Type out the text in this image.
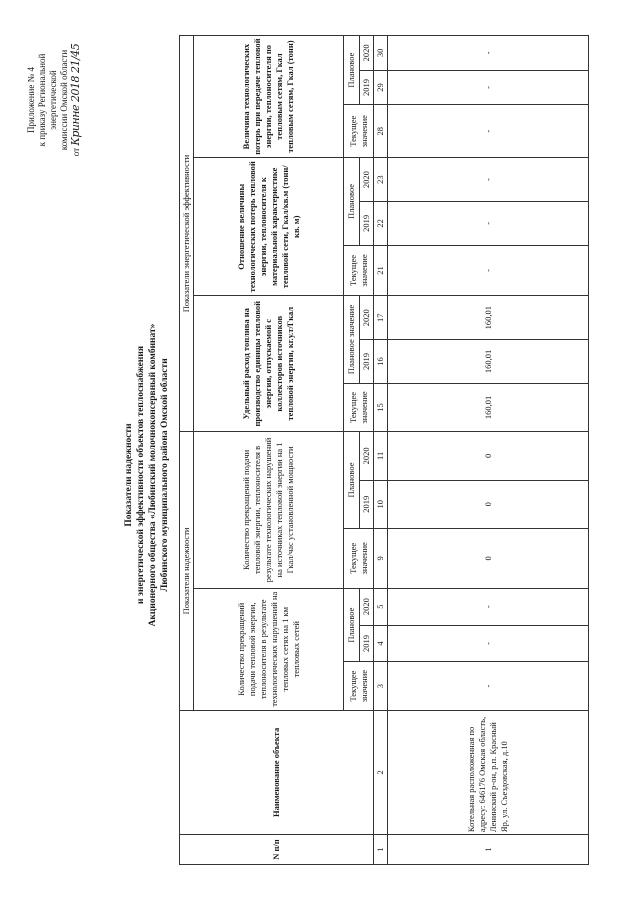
Приложение № 4 к приказу Региональной энергетической комиссии Омской области
от Кринне 2018 21/45
Показатели надежности и энергетической эффективности объектов теплоснабжения Акционерного общества «Любинский молочноконсервный комбинат» Любинского муниципального района Омской области
N п/п	Наименование объекта	Показатели надежности						Показатели энергетической эффективности								
		Количество прекращений подачи тепловой энергии, теплоносителя в результате технологических нарушений на тепловых сетях на 1 км тепловых сетей			Количество прекращений подачи тепловой энергии, теплоносителя в результате технологических нарушений на источниках тепловой энергии на 1 Гкал/час установленной мощности			Удельный расход топлива на производство единицы тепловой энергии, отпускаемой с коллекторов источников тепловой энергии, кг.у.т/Гкал			Отношение величины технологических потерь тепловой энергии, теплоносителя к материальной характеристике тепловой сети, Гкал/кв.м (тонн/кв. м)			Величина технологических потерь при передаче тепловой энергии, теплоносителя по тепловым сетям, Гкал тепловым сетям, Гкал (тонн)		
		Текущее значение	Плановое		Текущее значение	Плановое		Текущее значение	Плановое значение		Текущее значение	Плановое		Текущее значение	Плановое	
			2019	2020		2019	2020		2019	2020		2019	2020		2019	2020
1	2	3	4	5	9	10	11	15	16	17	21	22	23	28	29	30
1	Котельная расположенная по адресу: 646176 Омская область, Ленинский р-он, р.п. Красный Яр, ул. Съездовская, д.10	-	-	-	0	0	0	160,01	160,01	160,01	-	-	-	-	-	-
